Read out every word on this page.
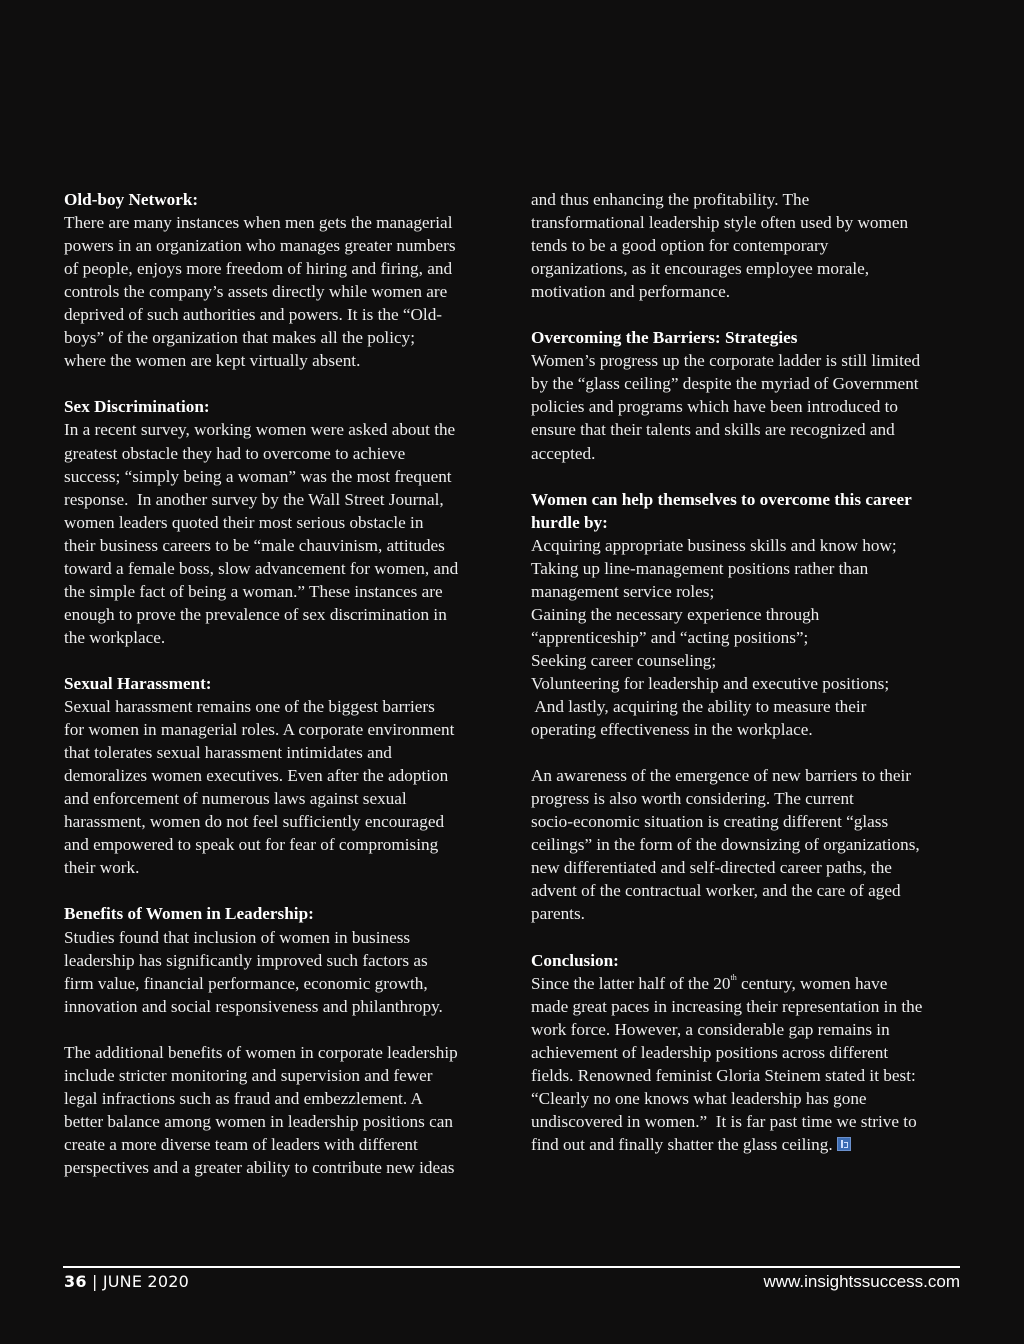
Old-boy Network:
There are many instances when men gets the managerial
powers in an organization who manages greater numbers
of people, enjoys more freedom of hiring and firing, and
controls the company’s assets directly while women are
deprived of such authorities and powers. It is the “Old-
boys” of the organization that makes all the policy;
where the women are kept virtually absent.
Sex Discrimination:
In a recent survey, working women were asked about the
greatest obstacle they had to overcome to achieve
success; “simply being a woman” was the most frequent
response.  In another survey by the Wall Street Journal,
women leaders quoted their most serious obstacle in
their business careers to be “male chauvinism, attitudes
toward a female boss, slow advancement for women, and
the simple fact of being a woman.” These instances are
enough to prove the prevalence of sex discrimination in
the workplace.
Sexual Harassment:
Sexual harassment remains one of the biggest barriers
for women in managerial roles. A corporate environment
that tolerates sexual harassment intimidates and
demoralizes women executives. Even after the adoption
and enforcement of numerous laws against sexual
harassment, women do not feel sufficiently encouraged
and empowered to speak out for fear of compromising
their work.
Benefits of Women in Leadership:
Studies found that inclusion of women in business
leadership has significantly improved such factors as
firm value, financial performance, economic growth,
innovation and social responsiveness and philanthropy.
The additional benefits of women in corporate leadership
include stricter monitoring and supervision and fewer
legal infractions such as fraud and embezzlement. A
better balance among women in leadership positions can
create a more diverse team of leaders with different
perspectives and a greater ability to contribute new ideas
and thus enhancing the profitability. The
transformational leadership style often used by women
tends to be a good option for contemporary
organizations, as it encourages employee morale,
motivation and performance.
Overcoming the Barriers: Strategies
Women’s progress up the corporate ladder is still limited
by the “glass ceiling” despite the myriad of Government
policies and programs which have been introduced to
ensure that their talents and skills are recognized and
accepted.
Women can help themselves to overcome this career
hurdle by:
Acquiring appropriate business skills and know how;
Taking up line-management positions rather than
management service roles;
Gaining the necessary experience through
“apprenticeship” and “acting positions”;
Seeking career counseling;
Volunteering for leadership and executive positions;
And lastly, acquiring the ability to measure their
operating effectiveness in the workplace.
An awareness of the emergence of new barriers to their
progress is also worth considering. The current
socio-economic situation is creating different “glass
ceilings” in the form of the downsizing of organizations,
new differentiated and self-directed career paths, the
advent of the contractual worker, and the care of aged
parents.
Conclusion:
Since the latter half of the 20th century, women have
made great paces in increasing their representation in the
work force. However, a considerable gap remains in
achievement of leadership positions across different
fields. Renowned feminist Gloria Steinem stated it best:
“Clearly no one knows what leadership has gone
undiscovered in women.”  It is far past time we strive to
find out and finally shatter the glass ceiling.
36 | JUNE 2020	www.insightssuccess.com
